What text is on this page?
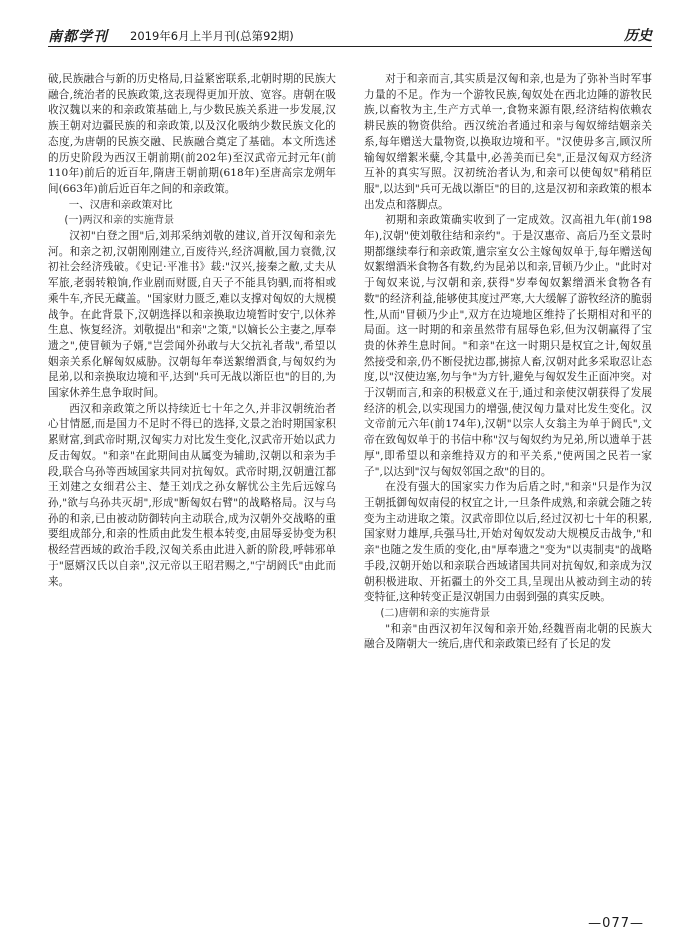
南都学刊 2019年6月上半月刊(总第92期)	历史

破,民族融合与新的历史格局,日益紧密联系,北朝时期的民族大融合,统治者的民族政策,这表现得更加开放、宽容。唐朝在吸收汉魏以来的和亲政策基础上,与少数民族关系进一步发展,汉族王朝对边疆民族的和亲政策,以及汉化吸纳少数民族文化的态度,为唐朝的民族交融、民族融合奠定了基础。本文所选述的历史阶段为西汉王朝前期(前202年)至汉武帝元封元年(前110年)前后的近百年,隋唐王朝前期(618年)至唐高宗龙朔年间(663年)前后近百年之间的和亲政策。

一、汉唐和亲政策对比
(一)两汉和亲的实施背景

汉初"白登之围"后,刘邦采纳刘敬的建议,首开汉匈和亲先河。和亲之初,汉朝刚刚建立,百废待兴,经济凋敝,国力衰微,汉初社会经济残破。《史记·平准书》载:"汉兴,接秦之敝,丈夫从军旅,老弱转粮饷,作业剧而财匮,自天子不能具钧驷,而将相或乘牛车,齐民无藏盖。"国家财力匮乏,难以支撑对匈奴的大规模战争。在此背景下,汉朝选择以和亲换取边境暂时安宁,以休养生息、恢复经济。刘敬提出"和亲"之策,"以嫡长公主妻之,厚奉遗之",使冒顿为子婿,"岂尝闻外孙敢与大父抗礼者哉",希望以姻亲关系化解匈奴威胁。汉朝每年奉送絮缯酒食,与匈奴约为昆弟,以和亲换取边境和平,达到"兵可无战以渐臣也"的目的,为国家休养生息争取时间。

西汉和亲政策之所以持续近七十年之久,并非汉朝统治者心甘情愿,而是国力不足时不得已的选择,文景之治时期国家积累财富,到武帝时期,汉匈实力对比发生变化,汉武帝开始以武力反击匈奴。"和亲"在此期间由从属变为辅助,汉朝以和亲为手段,联合乌孙等西域国家共同对抗匈奴。武帝时期,汉朝遣江都王刘建之女细君公主、楚王刘戊之孙女解忧公主先后远嫁乌孙,"欲与乌孙共灭胡",形成"断匈奴右臂"的战略格局。汉与乌孙的和亲,已由被动防御转向主动联合,成为汉朝外交战略的重要组成部分,和亲的性质由此发生根本转变,由屈辱妥协变为积极经营西域的政治手段,汉匈关系由此进入新的阶段,呼韩邪单于"愿婿汉氏以自亲",汉元帝以王昭君赐之,"宁胡阏氏"由此而来。

对于和亲而言,其实质是汉匈和亲,也是为了弥补当时军事力量的不足。作为一个游牧民族,匈奴处在西北边陲的游牧民族,以畜牧为主,生产方式单一,食物来源有限,经济结构依赖农耕民族的物资供给。西汉统治者通过和亲与匈奴缔结姻亲关系,每年赠送大量物资,以换取边境和平。"汉使毋多言,顾汉所输匈奴缯絮米糵,令其量中,必善美而已矣",正是汉匈双方经济互补的真实写照。汉初统治者认为,和亲可以使匈奴"稍稍臣服",以达到"兵可无战以渐臣"的目的,这是汉初和亲政策的根本出发点和落脚点。

初期和亲政策确实收到了一定成效。汉高祖九年(前198年),汉朝"使刘敬往结和亲约"。于是汉惠帝、高后乃至文景时期都继续奉行和亲政策,遣宗室女公主嫁匈奴单于,每年赠送匈奴絮缯酒米食物各有数,约为昆弟以和亲,冒顿乃少止。"此时对于匈奴来说,与汉朝和亲,获得"岁奉匈奴絮缯酒米食物各有数"的经济利益,能够使其度过严寒,大大缓解了游牧经济的脆弱性,从而"冒顿乃少止",双方在边境地区维持了长期相对和平的局面。这一时期的和亲虽然带有屈辱色彩,但为汉朝赢得了宝贵的休养生息时间。"和亲"在这一时期只是权宜之计,匈奴虽然接受和亲,仍不断侵扰边郡,掳掠人畜,汉朝对此多采取忍让态度,以"汉使边塞,勿与争"为方针,避免与匈奴发生正面冲突。对于汉朝而言,和亲的积极意义在于,通过和亲使汉朝获得了发展经济的机会,以实现国力的增强,使汉匈力量对比发生变化。汉文帝前元六年(前174年),汉朝"以宗人女翁主为单于阏氏",文帝在致匈奴单于的书信中称"汉与匈奴约为兄弟,所以遗单于甚厚",即希望以和亲维持双方的和平关系,"使两国之民若一家子",以达到"汉与匈奴邻国之敌"的目的。

在没有强大的国家实力作为后盾之时,"和亲"只是作为汉王朝抵御匈奴南侵的权宜之计,一旦条件成熟,和亲就会随之转变为主动进取之策。汉武帝即位以后,经过汉初七十年的积累,国家财力雄厚,兵强马壮,开始对匈奴发动大规模反击战争,"和亲"也随之发生质的变化,由"厚奉遗之"变为"以夷制夷"的战略手段,汉朝开始以和亲联合西域诸国共同对抗匈奴,和亲成为汉朝积极进取、开拓疆土的外交工具,呈现出从被动到主动的转变特征,这种转变正是汉朝国力由弱到强的真实反映。

(二)唐朝和亲的实施背景

"和亲"由西汉初年汉匈和亲开始,经魏晋南北朝的民族大融合及隋朝大一统后,唐代和亲政策已经有了长足的发

—077—
